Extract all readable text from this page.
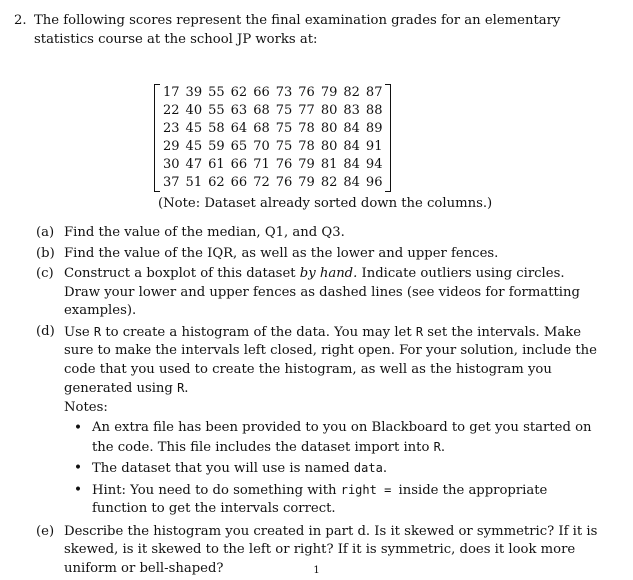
2. The following scores represent the final examination grades for an elementary statistics course at the school JP works at:
17	39	55	62	66	73	76	79	82	87
22	40	55	63	68	75	77	80	83	88
23	45	58	64	68	75	78	80	84	89
29	45	59	65	70	75	78	80	84	91
30	47	61	66	71	76	79	81	84	94
37	51	62	66	72	76	79	82	84	96
(Note: Dataset already sorted down the columns.)
(a) Find the value of the median, Q1, and Q3.
(b) Find the value of the IQR, as well as the lower and upper fences.
(c) Construct a boxplot of this dataset by hand. Indicate outliers using circles. Draw your lower and upper fences as dashed lines (see videos for formatting examples).
(d) Use R to create a histogram of the data. You may let R set the intervals. Make sure to make the intervals left closed, right open. For your solution, include the code that you used to create the histogram, as well as the histogram you generated using R.
Notes:
• An extra file has been provided to you on Blackboard to get you started on the code. This file includes the dataset import into R.
• The dataset that you will use is named data.
• Hint: You need to do something with right = inside the appropriate function to get the intervals correct.
(e) Describe the histogram you created in part d. Is it skewed or symmetric? If it is skewed, is it skewed to the left or right? If it is symmetric, does it look more uniform or bell-shaped?	1
